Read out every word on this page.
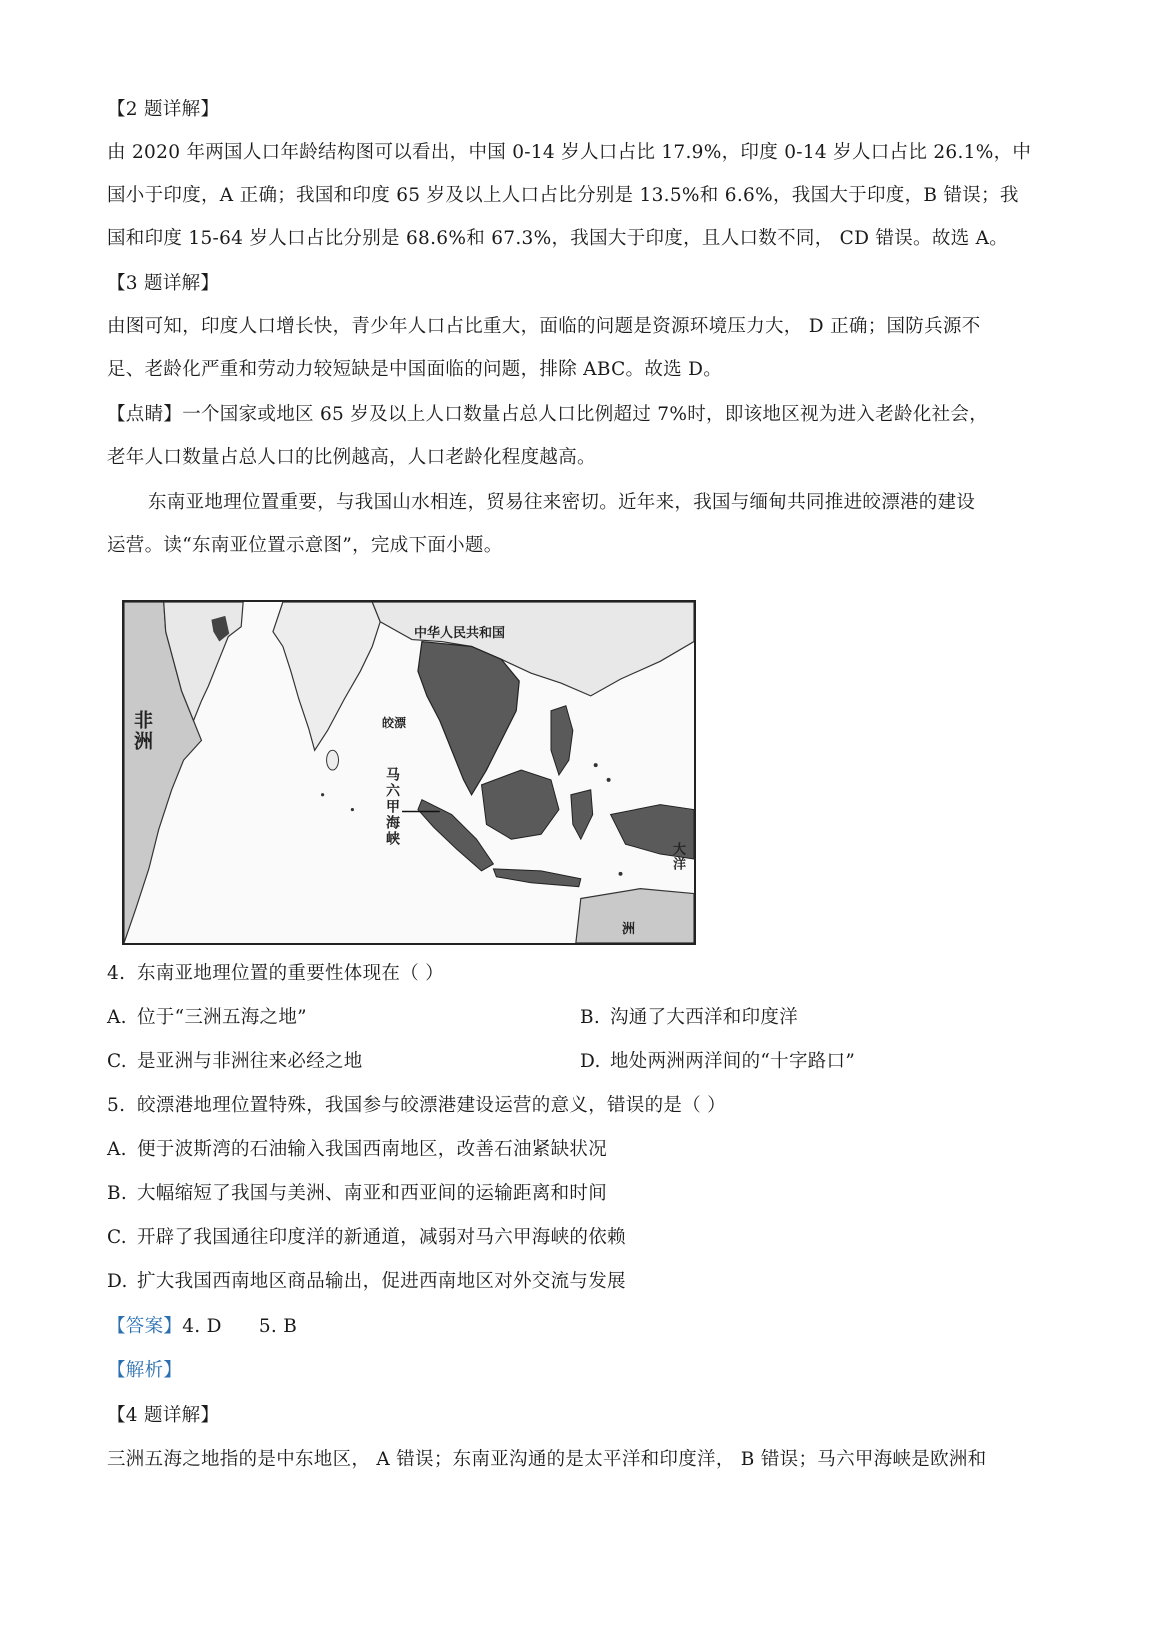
【2 题详解】
由 2020 年两国人口年龄结构图可以看出，中国 0-14 岁人口占比 17.9%，印度 0-14 岁人口占比 26.1%，中
国小于印度，A 正确；我国和印度 65 岁及以上人口占比分别是 13.5%和 6.6%，我国大于印度，B 错误；我
国和印度 15-64 岁人口占比分别是 68.6%和 67.3%，我国大于印度，且人口数不同， CD 错误。故选 A。
【3 题详解】
由图可知，印度人口增长快，青少年人口占比重大，面临的问题是资源环境压力大， D 正确；国防兵源不
足、老龄化严重和劳动力较短缺是中国面临的问题，排除 ABC。故选 D。
【点睛】一个国家或地区 65 岁及以上人口数量占总人口比例超过 7%时，即该地区视为进入老龄化社会，
老年人口数量占总人口的比例越高，人口老龄化程度越高。
东南亚地理位置重要，与我国山水相连，贸易往来密切。近年来，我国与缅甸共同推进皎漂港的建设
运营。读“东南亚位置示意图”，完成下面小题。
中华人民共和国
皎漂
非洲
马六甲海峡
大洋
洲
4. 东南亚地理位置的重要性体现在（ ）
A. 位于“三洲五海之地”	B. 沟通了大西洋和印度洋
C. 是亚洲与非洲往来必经之地	D. 地处两洲两洋间的“十字路口”
5. 皎漂港地理位置特殊，我国参与皎漂港建设运营的意义，错误的是（ ）
A. 便于波斯湾的石油输入我国西南地区，改善石油紧缺状况
B. 大幅缩短了我国与美洲、南亚和西亚间的运输距离和时间
C. 开辟了我国通往印度洋的新通道，减弱对马六甲海峡的依赖
D. 扩大我国西南地区商品输出，促进西南地区对外交流与发展
【答案】4. D      5. B
【解析】
【4 题详解】
三洲五海之地指的是中东地区， A 错误；东南亚沟通的是太平洋和印度洋， B 错误；马六甲海峡是欧洲和
